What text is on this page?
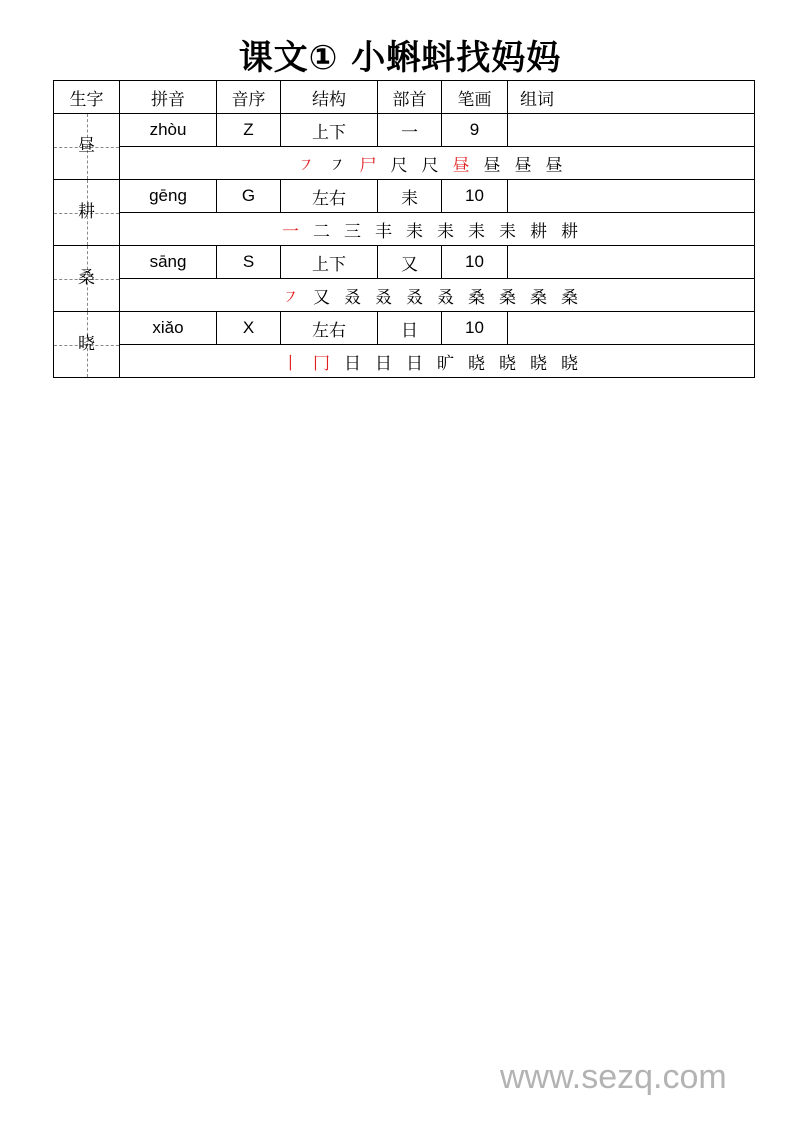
课文① 小蝌蚪找妈妈
生字	拼音	音序	结构	部首	笔画	组词
昼	zhòu	Z	上下	一	9	
	㇇ ㇇ 尸 尺 尺 昼 昼 昼 昼					
耕	gēng	G	左右	耒	10	
	一 二 三 丰 耒 耒 耒 耒 耕 耕					
桑	sāng	S	上下	又	10	
	㇇ 又 叒 叒 叒 叒 桑 桑 桑 桑					
晓	xiǎo	X	左右	日	10	
	丨 冂 日 日 日 旷 晓 晓 晓 晓					
www.sezq.com
